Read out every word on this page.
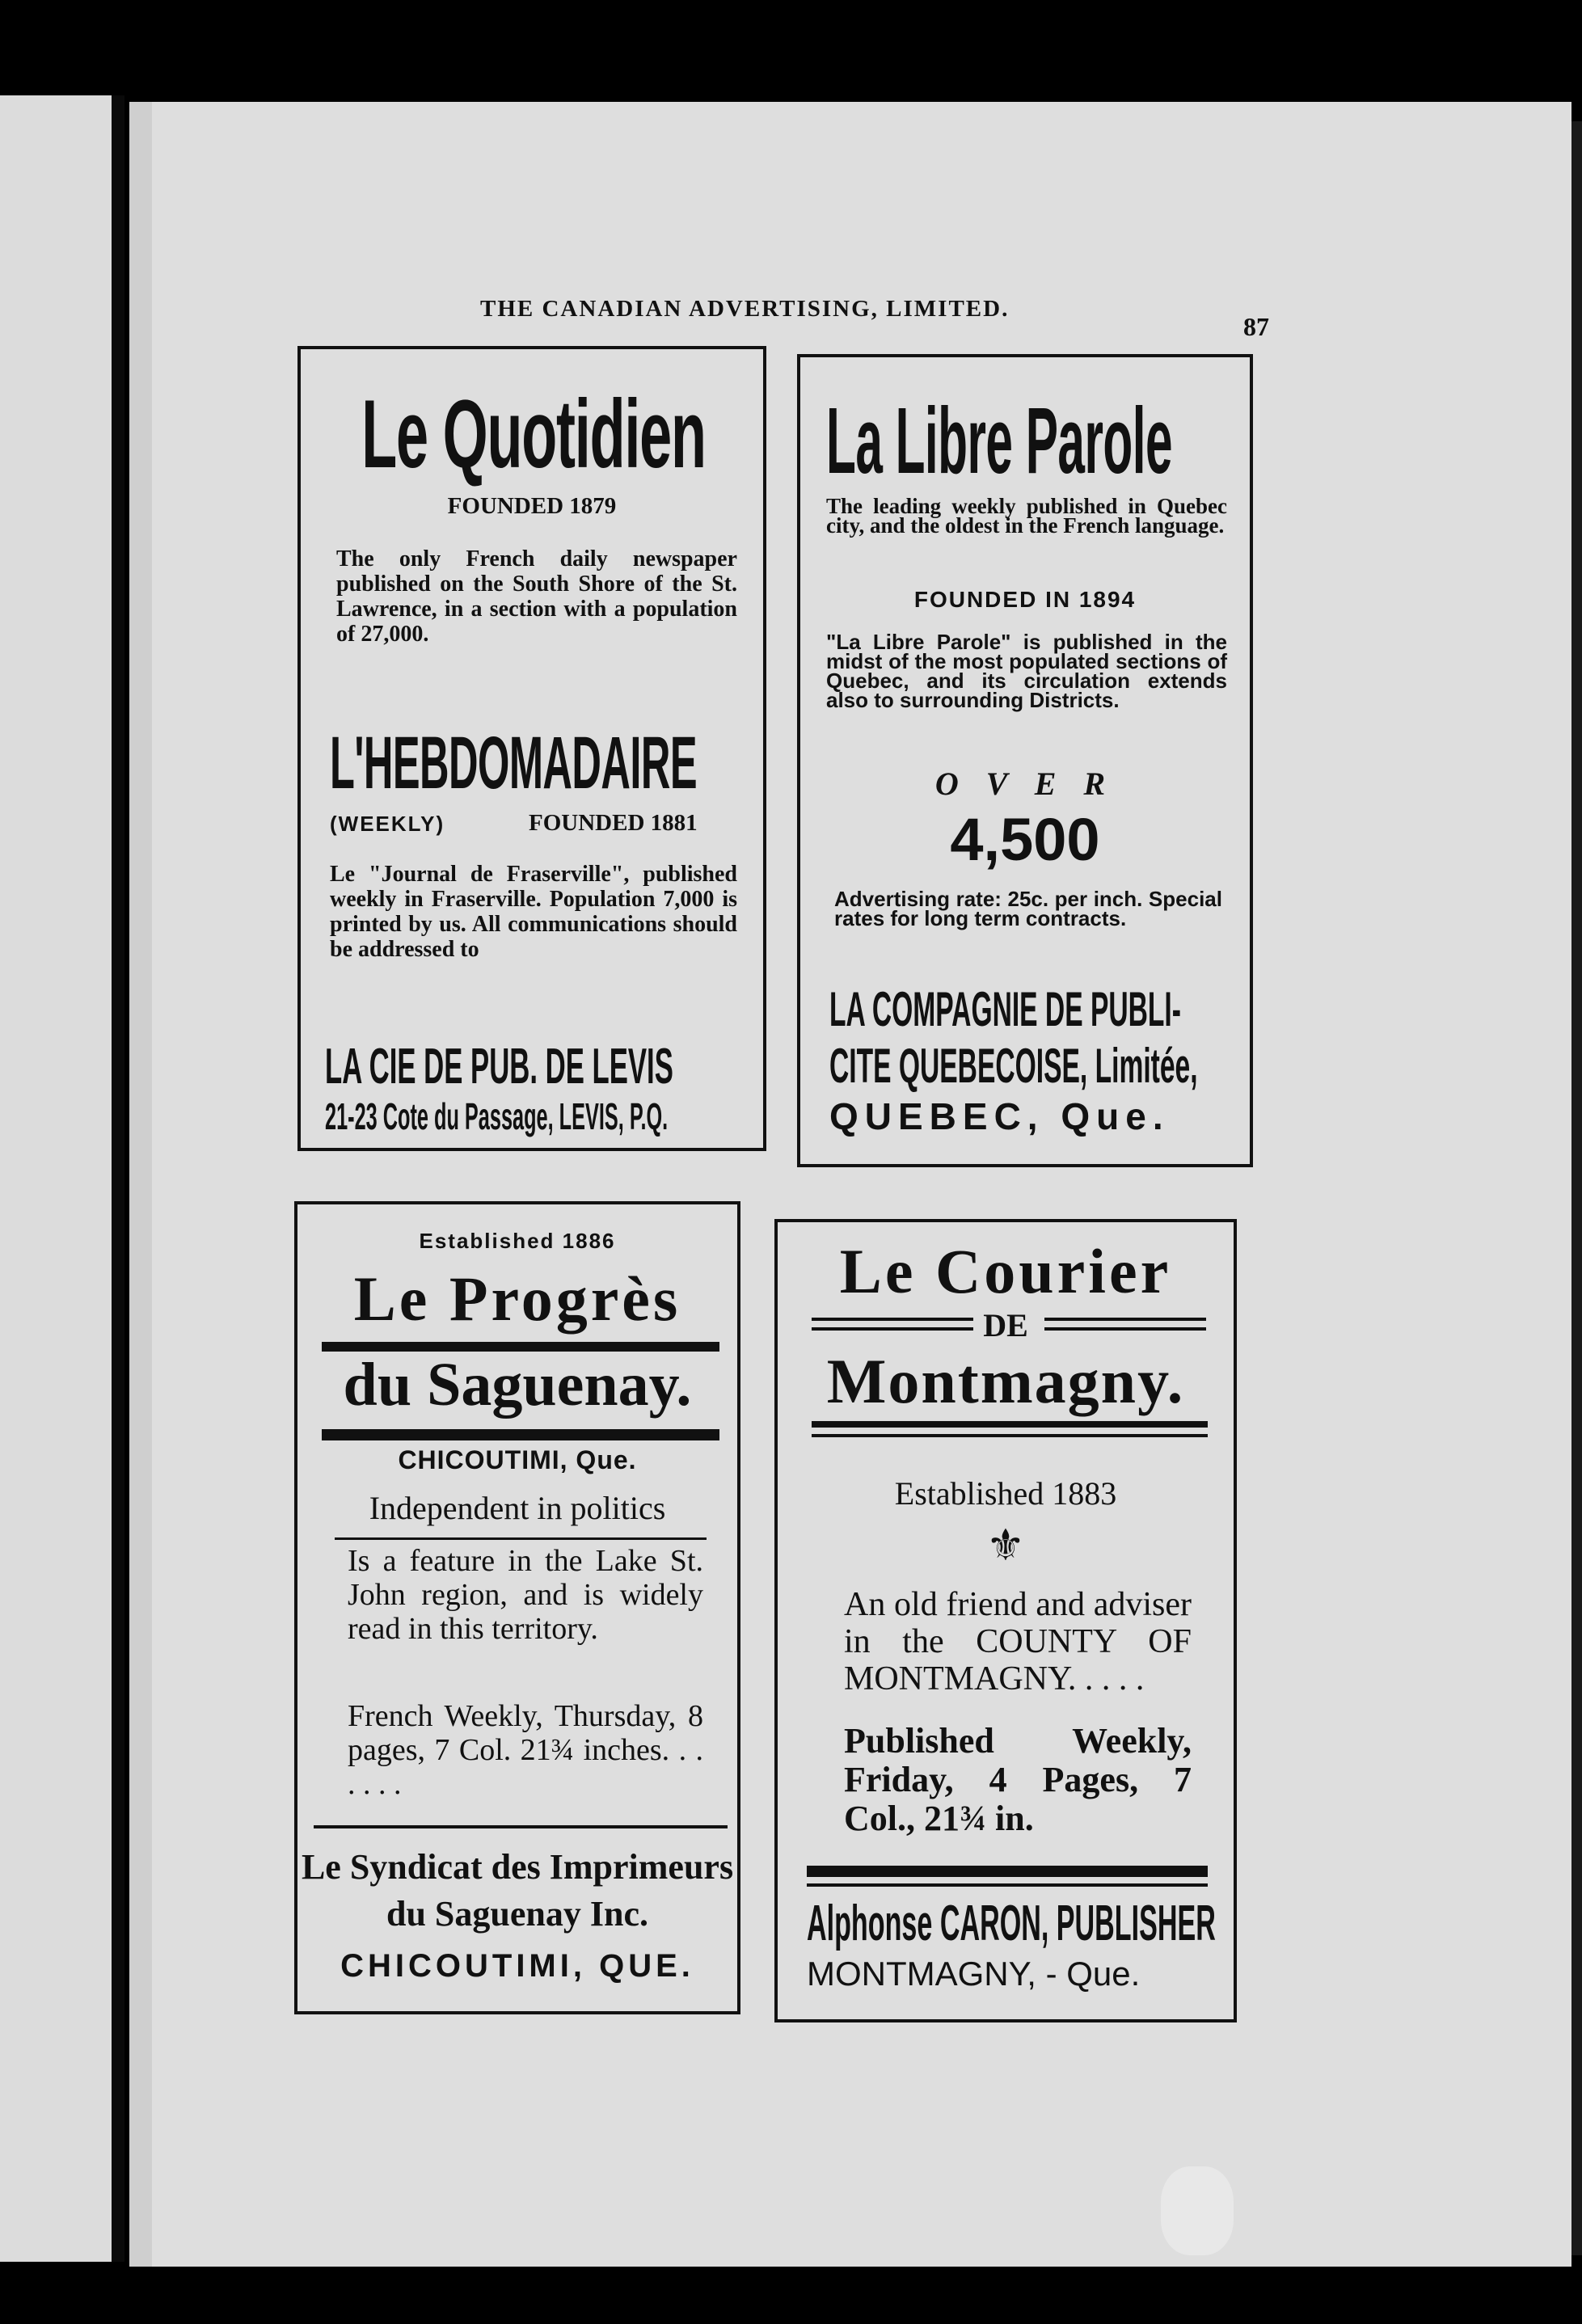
THE CANADIAN ADVERTISING, LIMITED.
87
Le Quotidien
FOUNDED 1879
The only French daily newspaper published on the South Shore of the St. Lawrence, in a section with a population of 27,000.
L'HEBDOMADAIRE
(WEEKLY)	FOUNDED 1881
Le "Journal de Fraserville", published weekly in Fraserville. Population 7,000 is printed by us. All communications should be addressed to
LA CIE DE PUB. DE LEVIS
21-23 Cote du Passage, LEVIS, P.Q.
La Libre Parole
The leading weekly published in Quebec city, and the oldest in the French language.
FOUNDED IN 1894
"La Libre Parole" is published in the midst of the most populated sections of Quebec, and its circulation extends also to surrounding Districts.
O V E R
4,500
Advertising rate: 25c. per inch. Special rates for long term contracts.
LA COMPAGNIE DE PUBLI-
CITE QUEBECOISE, Limitée,
QUEBEC, Que.
Established 1886
Le Progrès
du Saguenay.
CHICOUTIMI, Que.
Independent in politics
Is a feature in the Lake St. John region, and is widely read in this territory.
French Weekly, Thursday, 8 pages, 7 Col. 21¾ inches. . . . . . .
Le Syndicat des Imprimeurs
du Saguenay Inc.
CHICOUTIMI, QUE.
Le Courier
DE
Montmagny.
Established 1883
⚜
An old friend and adviser in the COUNTY OF MONTMAGNY. . . . .
Published Weekly, Friday, 4 Pages, 7 Col., 21¾ in.
Alphonse CARON, PUBLISHER
MONTMAGNY, - Que.
